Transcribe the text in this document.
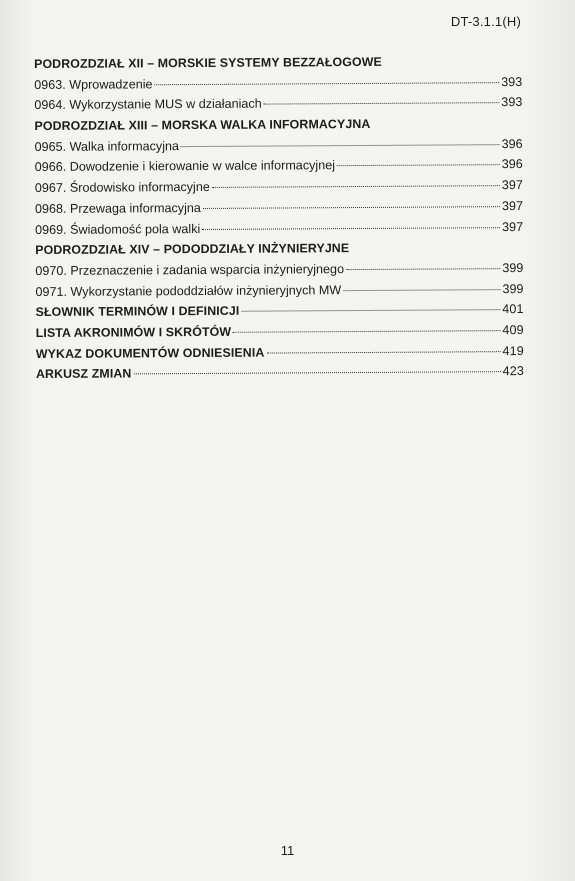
DT-3.1.1(H)
PODROZDZIAŁ XII – MORSKIE SYSTEMY BEZZAŁOGOWE
0963. Wprowadzenie	393
0964. Wykorzystanie MUS w działaniach	393
PODROZDZIAŁ XIII – MORSKA WALKA INFORMACYJNA
0965. Walka informacyjna	396
0966. Dowodzenie i kierowanie w walce informacyjnej	396
0967. Środowisko informacyjne	397
0968. Przewaga informacyjna	397
0969. Świadomość pola walki	397
PODROZDZIAŁ XIV – PODODDZIAŁY INŻYNIERYJNE
0970. Przeznaczenie i zadania wsparcia inżynieryjnego	399
0971. Wykorzystanie pododdziałów inżynieryjnych MW	399
SŁOWNIK TERMINÓW I DEFINICJI	401
LISTA AKRONIMÓW I SKRÓTÓW	409
WYKAZ DOKUMENTÓW ODNIESIENIA	419
ARKUSZ ZMIAN	423
11
